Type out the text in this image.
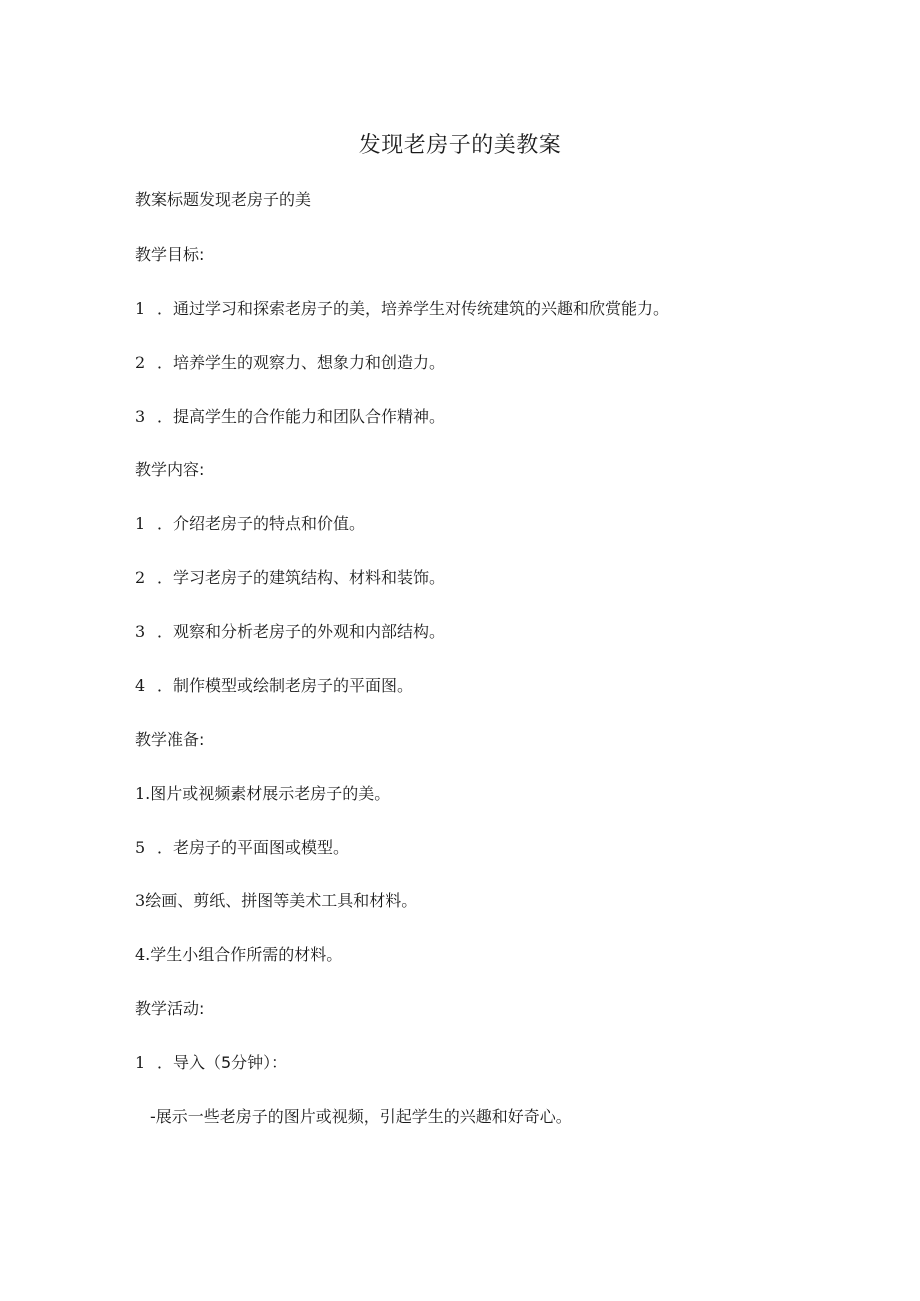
发现老房子的美教案
教案标题发现老房子的美
教学目标:
1 ．通过学习和探索老房子的美，培养学生对传统建筑的兴趣和欣赏能力。
2 ．培养学生的观察力、想象力和创造力。
3 ．提高学生的合作能力和团队合作精神。
教学内容:
1 ．介绍老房子的特点和价值。
2 ．学习老房子的建筑结构、材料和装饰。
3 ．观察和分析老房子的外观和内部结构。
4 ．制作模型或绘制老房子的平面图。
教学准备:
1.图片或视频素材展示老房子的美。
5 ．老房子的平面图或模型。
3绘画、剪纸、拼图等美术工具和材料。
4.学生小组合作所需的材料。
教学活动:
1 ．导入（5分钟）：
-展示一些老房子的图片或视频，引起学生的兴趣和好奇心。
